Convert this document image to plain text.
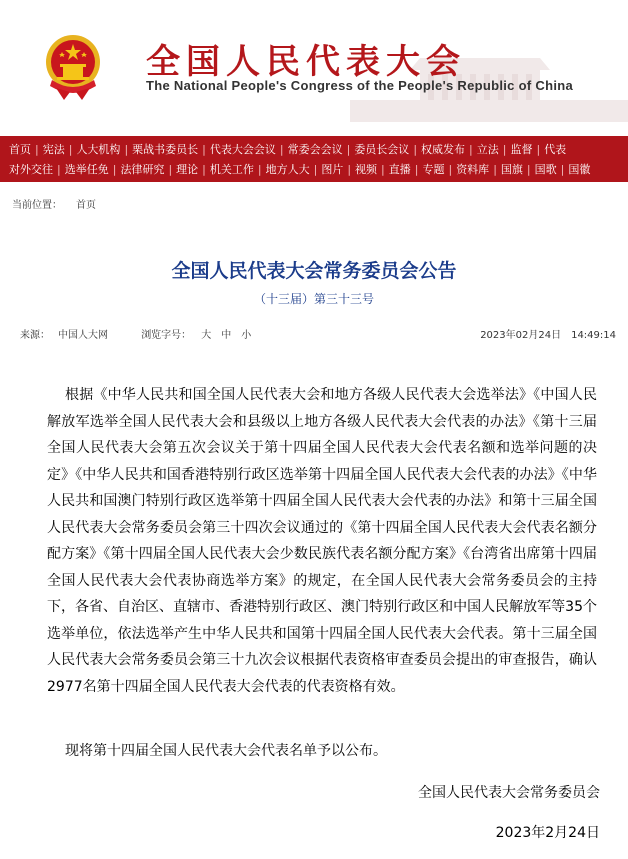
全国人民代表大会
The National People's Congress of the People's Republic of China
首页 | 宪法 | 人大机构 | 栗战书委员长 | 代表大会会议 | 常委会会议 | 委员长会议 | 权威发布 | 立法 | 监督 | 代表
对外交往 | 选举任免 | 法律研究 | 理论 | 机关工作 | 地方人大 | 图片 | 视频 | 直播 | 专题 | 资料库 | 国旗 | 国歌 | 国徽
当前位置： 首页
全国人民代表大会常务委员会公告
（十三届）第三十三号
来源： 中国人大网	浏览字号： 大 中 小	2023年02月24日　14:49:14

根据《中华人民共和国全国人民代表大会和地方各级人民代表大会选举法》《中国人民解放军选举全国人民代表大会和县级以上地方各级人民代表大会代表的办法》《第十三届全国人民代表大会第五次会议关于第十四届全国人民代表大会代表名额和选举问题的决定》《中华人民共和国香港特别行政区选举第十四届全国人民代表大会代表的办法》《中华人民共和国澳门特别行政区选举第十四届全国人民代表大会代表的办法》和第十三届全国人民代表大会常务委员会第三十四次会议通过的《第十四届全国人民代表大会代表名额分配方案》《第十四届全国人民代表大会少数民族代表名额分配方案》《台湾省出席第十四届全国人民代表大会代表协商选举方案》的规定，在全国人民代表大会常务委员会的主持下，各省、自治区、直辖市、香港特别行政区、澳门特别行政区和中国人民解放军等35个选举单位，依法选举产生中华人民共和国第十四届全国人民代表大会代表。第十三届全国人民代表大会常务委员会第三十九次会议根据代表资格审查委员会提出的审查报告，确认2977名第十四届全国人民代表大会代表的代表资格有效。

现将第十四届全国人民代表大会代表名单予以公布。
全国人民代表大会常务委员会
2023年2月24日
